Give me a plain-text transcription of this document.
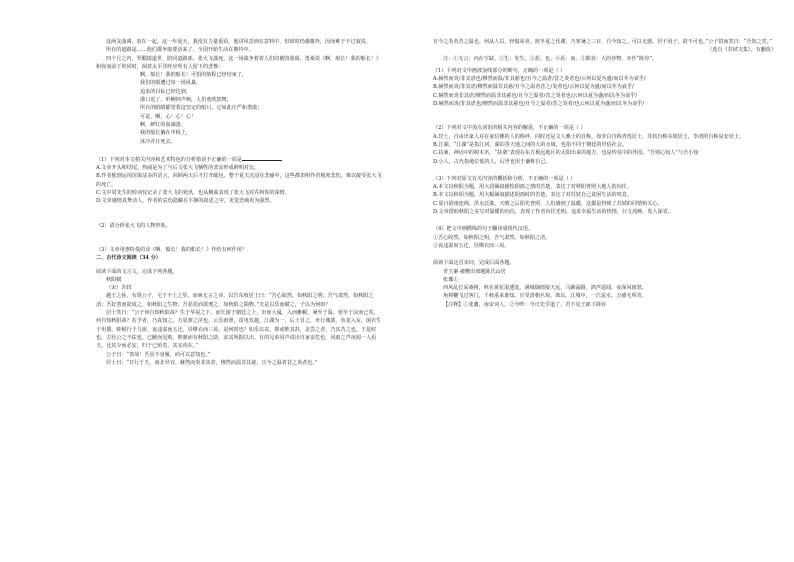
这两支曲调，放在一起。这一年夏天，我没有力量重看。他讲风景画在意料中，但却时仍感激外，因而难于不过叙说。

所有的道路是……他们都争取要活来了，全国开始生活在期待中。

四个月之内，罗醒镜道世，陪同道路部，张大飞战死。这一场战争着着人们的被毁落幕，勇桑说《啊，船长！我的船长！》 和弥而前于的同时，阔着太平洋呼应所有人留下的悲惨：

啊，船长！我的船长！可怕的航程已经结束了，
我们的船遭过每一场风暴，
追求的目标已经达到，
港口近了，听啊钟声响，人们欢欣鼓舞，
所有的眼睛都望着这坚定的船只，它如此庄严和勇敢；
可是，啊，心！心！心！
啊，鲜红的血滴落，
我的船长躺在甲板上，
冰冷并且死去。

（1）下列对本文相关内容和艺术特色的分析错误不正确的一项是

A.文章开头和结尾，热闹是为了与后文张大飞牺牲的悲凉形成鲜明对比。

B.作者独到运用渲染法多的语言，回顾两天后才打开邮包，整个夏天沉浸在悲痛中，这些都表明作者极度悲伤，难以接受张大飞的死亡。

C.文中周先生的悼词仅记录了张大飞的死讯，也从侧面表现了张大飞对乔和你的深情。

D.文章感情真挚动人，作者的哀伤隐藏在平静的叙述之中，更觉悲痛更为强烈。

（2）请分析张大飞的人物形象。

（3）文章用惠特曼的诗《啊，船长！我的船长！》作结有何作用？

二、古代诗文阅读（34 分）

阅读下面的文言文，完成下列各题。

秋阳赋

（宋）苏轼

越王之孙，有贤公子，宅于不土之里，而咏无言之诗。以告东坡居士曰：“吾心皎然，如秋阳之明；吾气肃然，如秋阳之清；吾好善而欲成之，如秋阳之生物；吾恶恶而欲刑之，如秋阳之陨物。”夫是以乐而赋之，子以为何如？

居士笑曰：“公子何自知秋阳哉？生于华屋之下，而长游于朝廷之上，出而大厦，入而帷幄，暑至于温，寒至于凉而已矣，何自知秋阳哉？若予者，乃真知之。方夏潦之淫也，云烝雨泄，雷电发越，江湖为一，后土冒之，舟行城郭，鱼龙入室，菌衣生于用器，蛙蚓行于几席，夜违湿而五迁，昼燎衣而三易，是何时也？如乐以哀，抑或惟其甚，盖尝之者，乃其苦之也。于是时也，方壮公之不佑也，已敝而见败，则鼎而有秋阳之助，求其所据以出。有的兄弟同声说出自家安危也，风雨之声夜闻一人焉夫，比其少而必安，归于已殆矣，其实尚在。”

公子曰：“善哉！吾虽不身履，而可以意知也。”

居士曰：“日行于天，南北异宜。赫然而炎非其虐，穆然而温非其慈，且今之温者昔之炎者也。”

且今之炎者昔之温也。何从人以，轻愠易喜。彼冬夏之代谢，乃寒暑之三百，自今知之，可以无惑。居不用子，欲不可也。”公子拱而笑曰：“吾知之矣。”

（选自《苏轼文集》，有删改）

注：①无言：内在空缺。②生：发生。③恶：也。④焉：而。⑤陈谷：大的谷物，亦作“陈谷”。

（1）下列对文中画波浪线部分的断句，正确的一项是（ ）

A.赫然而炎/非其虐也/穆然而温/非其慈也/且今之温者/昔之炎者也/云何以夏为盛/而以冬为衰乎/

B.赫然而炎/非其虐/穆然而温非其慈/且今之温者昔之/炎者也/云何以夏为盛/而以冬为衰乎/

C.赫然而炎非其虐/穆然而温非其慈也/且今之温者/昔之炎者也/云何以夏为盛/而以冬为衰乎/

D.赫然而炎/非其虐也/穆然而温非其慈也/且今之温者/昔之炎者/也云何以夏为盛/而以冬为衰乎/

（2）下列对文中加点词语的相关内容的解说，不正确的一项是（ ）

A.居士，自由出家人对在家信佛的人的称呼，同时还是文人雅士的自称，如李白自称青莲居士，苏轼自称东坡居士，李清照自称易安居士。

B.江湖，“江湖”是指江河、湖泊等天地之间的大的水域，也指不同于朝廷的世俗社会。

C.扶桑，神话中的树木名，“扶桑”表现在东方极远地区的太阳出来的地方，也是传说中的外国。“吾则心知人”与吾小知

D.小人，古代指地位低的人，后世也用于谦称自己。

（3）下列对原文有关内容的概括和分析，不正确的一项是（ ）

A.本文以秋阳为题，用大段铺叙描绘阴雨之情的苦楚，表达了对秋阳普照大地人的向往。

B.本文以秋阳为题，用大幅铺叙描述阴雨时的苦楚，表达了对苏轼自己贫困生活的叹息。

C.夏日阴雨连绵，洪水泛滥，天晴之后阳光普照，人们感到了温暖，这都是得到了苏轼的同情和关心。

D.文章借助秋阳之美写对温暖的向往，表现了作者向往光明、追求幸福生活的热情，行文流畅，发人深省。

（4）把文中画横线的句子翻译成现代汉语。

①吾心皎然，如秋阳之明，吾气肃然，如秋阳之清。

②夜违湿而五迁，昼燎衣而三易。

阅读下面这首宋词，完成后面各题。

青玉案·被檄出郊题陈氏山居

张翥①

西风乱打采桑树，秋在黄花湿透处。满城烟雨接天远，马蹄霜路，鸿声遥闻，夜深风雨怒。

角将鞭飞过客门，千秋重来谁知。且受清朝丛菊。离以，江城中，一江流水，万感无所寄。

【注释】①张翥，南宋词人。②今昨：今日先学道了，君不见王郎下降谷
